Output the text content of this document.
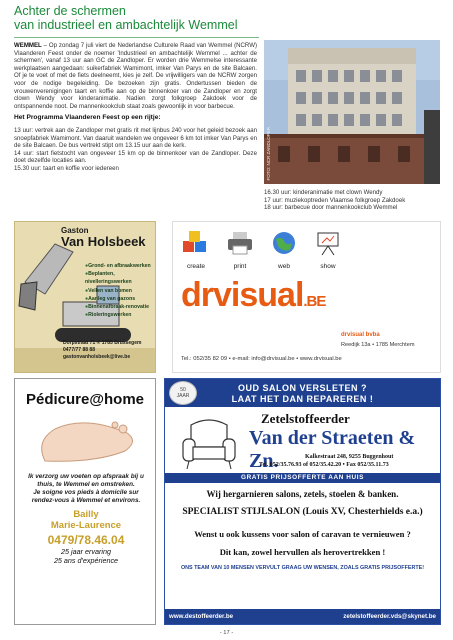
Achter de schermen
van industrieel en ambachtelijk Wemmel

WEMMEL – Op zondag 7 juli viert de Nederlandse Culturele Raad van Wemmel (NCRW) Vlaanderen Feest onder de noemer 'Industrieel en ambachtelijk Wemmel ... achter de schermen', vanaf 13 uur aan GC de Zandloper. Er worden drie Wemmelse interessante werkplaatsen aangedaan: suikerfabriek Wamimont, imker Van Parys en de site Balcaen. Of je te voet of met de fiets deelneemt, kies je zelf. De vrijwilligers van de NCRW zorgen voor de nodige begeleiding. De bezoeken zijn gratis. Ondertussen bieden de vrouwenverenigingen taart en koffie aan op de binnenkoer van de Zandloper en zorgt clown Wendy voor kinderanimatie. Nadien zorgt folkgroep Zakdoek voor de ontspannende noot. De mannenkookclub staat zoals gewoonlijk in voor barbecue.

Het Programma Vlaanderen Feest op een rijtje:

13 uur: vertrek aan de Zandloper met gratis rit met lijnbus 240 voor het geleid bezoek aan snoepfabriek Wamimont. Van daaruit wandelen we ongeveer 6 km tot imker Van Parys en de site Balcaen. De bus vertrekt stipt om 13.15 uur aan de kerk.

14 uur: start fietstocht van ongeveer 15 km op de binnenkoer van de Zandloper. Deze doet dezelfde locaties aan.

15.30 uur: taart en koffie voor iedereen	FOTO: NCR ZANDLOPER
16.30 uur: kinderanimatie met clown Wendy
17 uur: muziekoptreden Vlaamse folkgroep Zakdoek
18 uur: barbecue door mannenkookclub Wemmel
Gaston
Van Holsbeek
● Grond- en afbraakwerken
● Beplanten, nivelleringswerken
● Vellen van bomen
● Aanleg van gazons
● Binnenafbraak-renovatie
● Rioleringswerken
Dorpstraat 71 ® 1785 Brussegem
0477/77 88 88
gastonvanholsbeek@live.be
create	print	web	show
drvisual.BE
drvisual bvba
Reedijk 13a • 1785 Merchtem
Tel.: 052/35 82 09 • e-mail: info@drvisual.be • www.drvisual.be
Pédicure@home
Ik verzorg uw voeten op afspraak bij u thuis, te Wemmel en omstreken.
Je soigne vos pieds à domicile sur rendez-vous à Wemmel et environs.
Bailly
Marie-Laurence
0479/78.46.04
25 jaar ervaring
25 ans d'expérience
OUD SALON VERSLETEN ?
LAAT HET DAN REPAREREN !
50
JAAR
Zetelstoffeerder
Van der Straeten & Zn.	Kalkestraat 248, 9255 Buggenhout
Tel. 052/35.76.93 of 052/35.42.20 • Fax 052/35.11.73
GRATIS PRIJSOFFERTE AAN HUIS
Wij hergarnieren salons, zetels, stoelen & banken.
SPECIALIST STIJLSALON (Louis XV, Chesterhields e.a.)
Wenst u ook kussens voor salon of caravan te vernieuwen ?
Dit kan, zowel hervullen als herovertrekken !
ONS TEAM VAN 10 MENSEN VERVULT GRAAG UW WENSEN, ZOALS GRATIS PRIJSOFFERTE!
www.destoffeerder.be	zetelstoffeerder.vds@skynet.be
- 17 -
